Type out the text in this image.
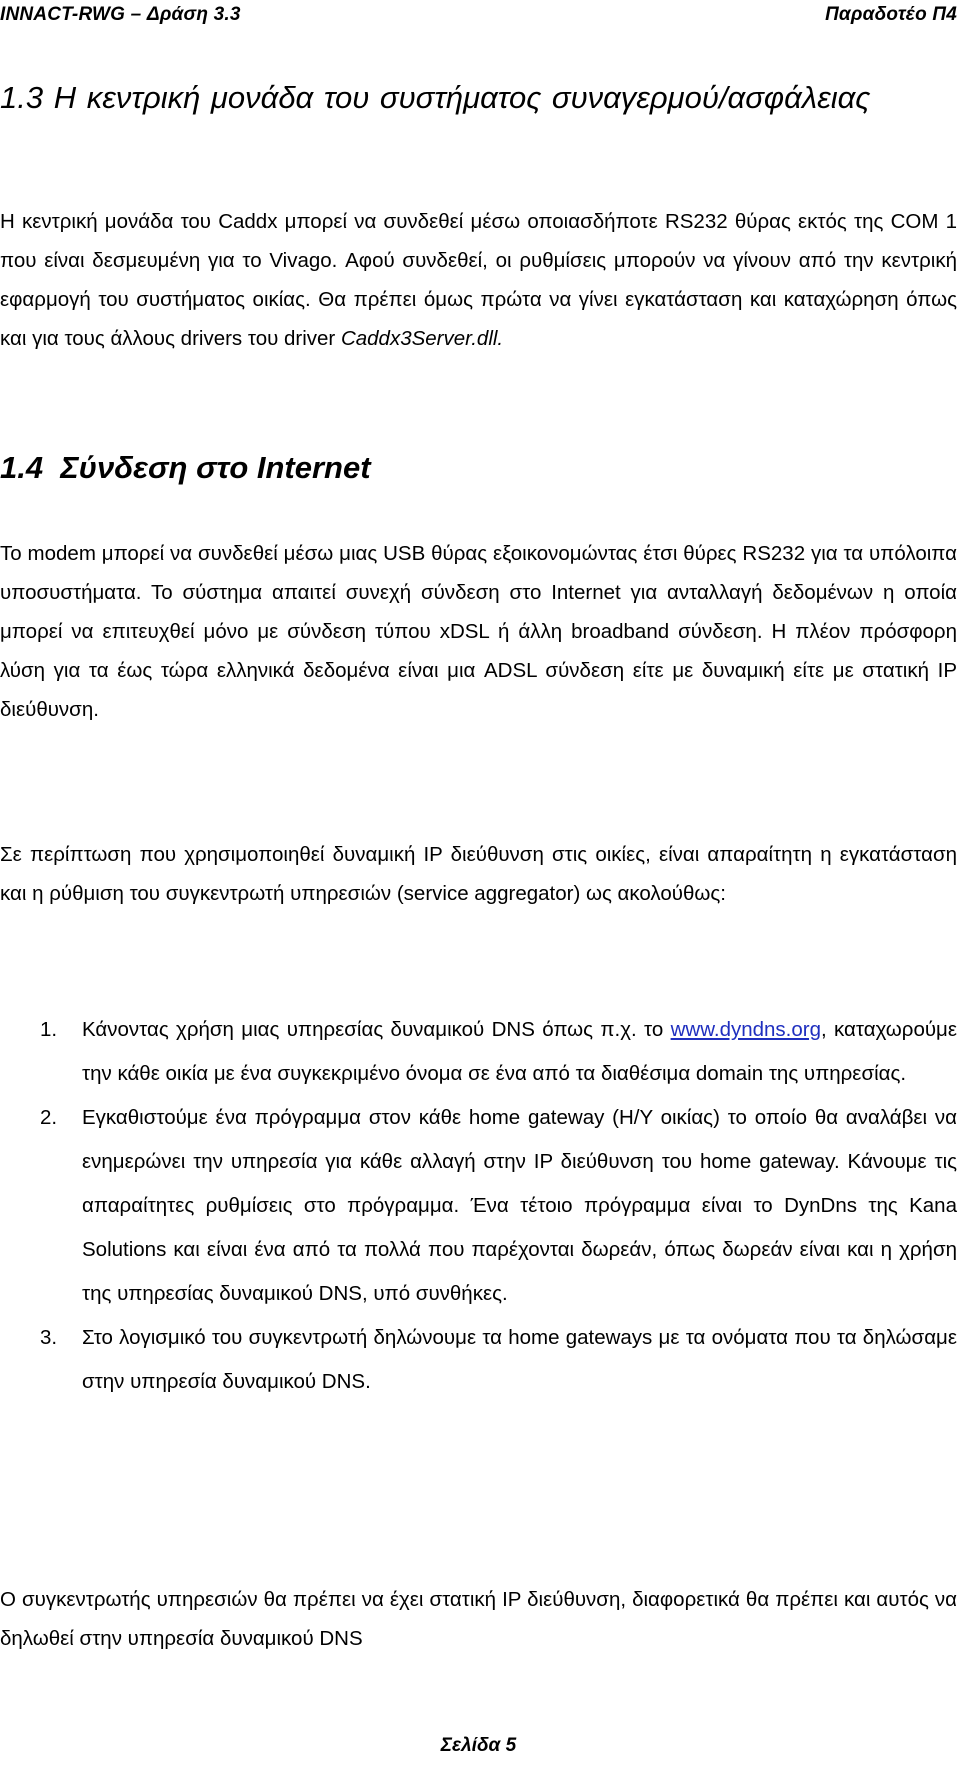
INNACT-RWG – Δράση 3.3	Παραδοτέο Π4
1.3 Η κεντρική μονάδα του συστήματος συναγερμού/ασφάλειας

Η κεντρική μονάδα του Caddx μπορεί να συνδεθεί μέσω οποιασδήποτε RS232 θύρας εκτός της COM 1 που είναι δεσμευμένη για το Vivago. Αφού συνδεθεί, οι ρυθμίσεις μπορούν να γίνουν από την κεντρική εφαρμογή του συστήματος οικίας. Θα πρέπει όμως πρώτα να γίνει εγκατάσταση και καταχώρηση όπως και για τους άλλους drivers του driver Caddx3Server.dll.

1.4 Σύνδεση στο Internet

Το modem μπορεί να συνδεθεί μέσω μιας USB θύρας εξοικονομώντας έτσι θύρες RS232 για τα υπόλοιπα υποσυστήματα. Το σύστημα απαιτεί συνεχή σύνδεση στο Internet για ανταλλαγή δεδομένων η οποία μπορεί να επιτευχθεί μόνο με σύνδεση τύπου xDSL ή άλλη broadband σύνδεση. Η πλέον πρόσφορη λύση για τα έως τώρα ελληνικά δεδομένα είναι μια ADSL σύνδεση είτε με δυναμική είτε με στατική IP διεύθυνση.

Σε περίπτωση που χρησιμοποιηθεί δυναμική IP διεύθυνση στις οικίες, είναι απαραίτητη η εγκατάσταση και η ρύθμιση του συγκεντρωτή υπηρεσιών (service aggregator) ως ακολούθως:

1. Κάνοντας χρήση μιας υπηρεσίας δυναμικού DNS όπως π.χ. το www.dyndns.org, καταχωρούμε την κάθε οικία με ένα συγκεκριμένο όνομα σε ένα από τα διαθέσιμα domain της υπηρεσίας.
2. Εγκαθιστούμε ένα πρόγραμμα στον κάθε home gateway (Η/Υ οικίας) το οποίο θα αναλάβει να ενημερώνει την υπηρεσία για κάθε αλλαγή στην IP διεύθυνση του home gateway. Κάνουμε τις απαραίτητες ρυθμίσεις στο πρόγραμμα. Ένα τέτοιο πρόγραμμα είναι το DynDns της Kana Solutions και είναι ένα από τα πολλά που παρέχονται δωρεάν, όπως δωρεάν είναι και η χρήση της υπηρεσίας δυναμικού DNS, υπό συνθήκες.
3. Στο λογισμικό του συγκεντρωτή δηλώνουμε τα home gateways με τα ονόματα που τα δηλώσαμε στην υπηρεσία δυναμικού DNS.

Ο συγκεντρωτής υπηρεσιών θα πρέπει να έχει στατική IP διεύθυνση, διαφορετικά θα πρέπει και αυτός να δηλωθεί στην υπηρεσία δυναμικού DNS

Σελίδα 5
